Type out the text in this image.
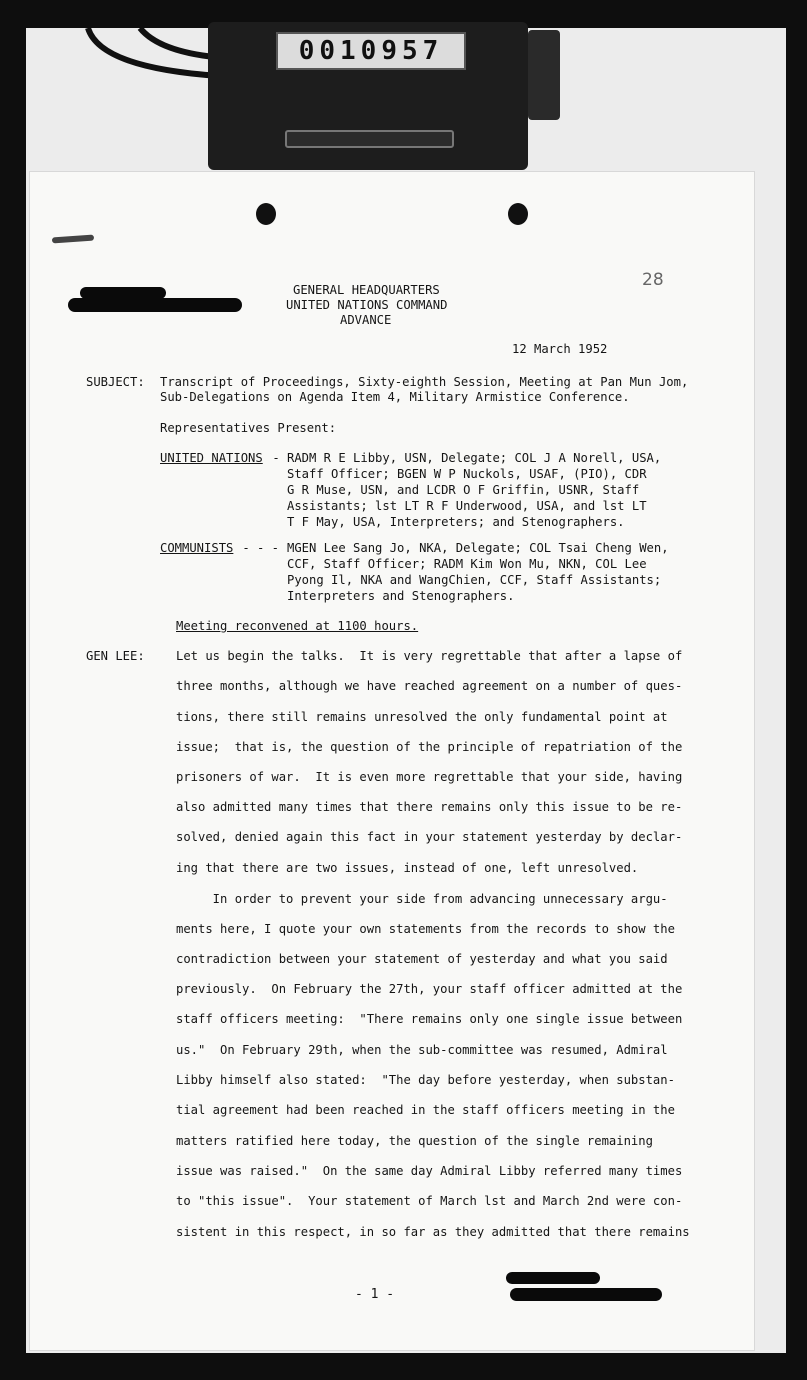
0010957
GENERAL HEADQUARTERS
UNITED NATIONS COMMAND
ADVANCE
28
12 March 1952
SUBJECT: Transcript of Proceedings, Sixty-eighth Session, Meeting at Pan Mun Jom,
Sub-Delegations on Agenda Item 4, Military Armistice Conference.
Representatives Present:
UNITED NATIONS - RADM R E Libby, USN, Delegate; COL J A Norell, USA,
Staff Officer; BGEN W P Nuckols, USAF, (PIO), CDR
G R Muse, USN, and LCDR O F Griffin, USNR, Staff
Assistants; lst LT R F Underwood, USA, and lst LT
T F May, USA, Interpreters; and Stenographers.
COMMUNISTS - - - MGEN Lee Sang Jo, NKA, Delegate; COL Tsai Cheng Wen,
CCF, Staff Officer; RADM Kim Won Mu, NKN, COL Lee
Pyong Il, NKA and WangChien, CCF, Staff Assistants;
Interpreters and Stenographers.
Meeting reconvened at 1100 hours.
GEN LEE:	Let us begin the talks.  It is very regrettable that after a lapse of
three months, although we have reached agreement on a number of ques-
tions, there still remains unresolved the only fundamental point at
issue;  that is, the question of the principle of repatriation of the
prisoners of war.  It is even more regrettable that your side, having
also admitted many times that there remains only this issue to be re-
solved, denied again this fact in your statement yesterday by declar-
ing that there are two issues, instead of one, left unresolved.
In order to prevent your side from advancing unnecessary argu-
ments here, I quote your own statements from the records to show the
contradiction between your statement of yesterday and what you said
previously.  On February the 27th, your staff officer admitted at the
staff officers meeting:  "There remains only one single issue between
us."  On February 29th, when the sub-committee was resumed, Admiral
Libby himself also stated:  "The day before yesterday, when substan-
tial agreement had been reached in the staff officers meeting in the
matters ratified here today, the question of the single remaining
issue was raised."  On the same day Admiral Libby referred many times
to "this issue".  Your statement of March lst and March 2nd were con-
sistent in this respect, in so far as they admitted that there remains
- 1 -
